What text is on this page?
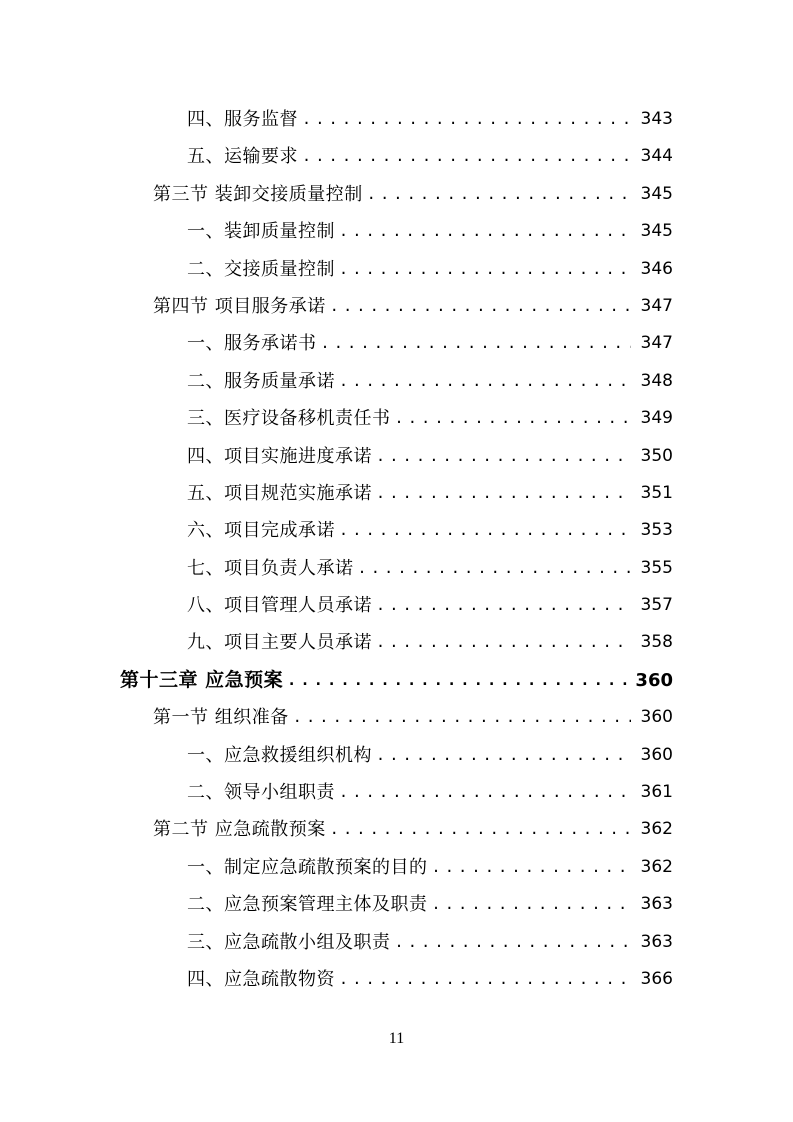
四、服务监督 .....	343
五、运输要求 .....	344
第三节 装卸交接质量控制 .....	345
一、装卸质量控制 .....	345
二、交接质量控制 .....	346
第四节 项目服务承诺 .....	347
一、服务承诺书 .....	347
二、服务质量承诺 .....	348
三、医疗设备移机责任书 .....	349
四、项目实施进度承诺 .....	350
五、项目规范实施承诺 .....	351
六、项目完成承诺 .....	353
七、项目负责人承诺 .....	355
八、项目管理人员承诺 .....	357
九、项目主要人员承诺 .....	358
第十三章 应急预案 .....	360
第一节 组织准备 .....	360
一、应急救援组织机构 .....	360
二、领导小组职责 .....	361
第二节 应急疏散预案 .....	362
一、制定应急疏散预案的目的 .....	362
二、应急预案管理主体及职责 .....	363
三、应急疏散小组及职责 .....	363
四、应急疏散物资 .....	366
11
